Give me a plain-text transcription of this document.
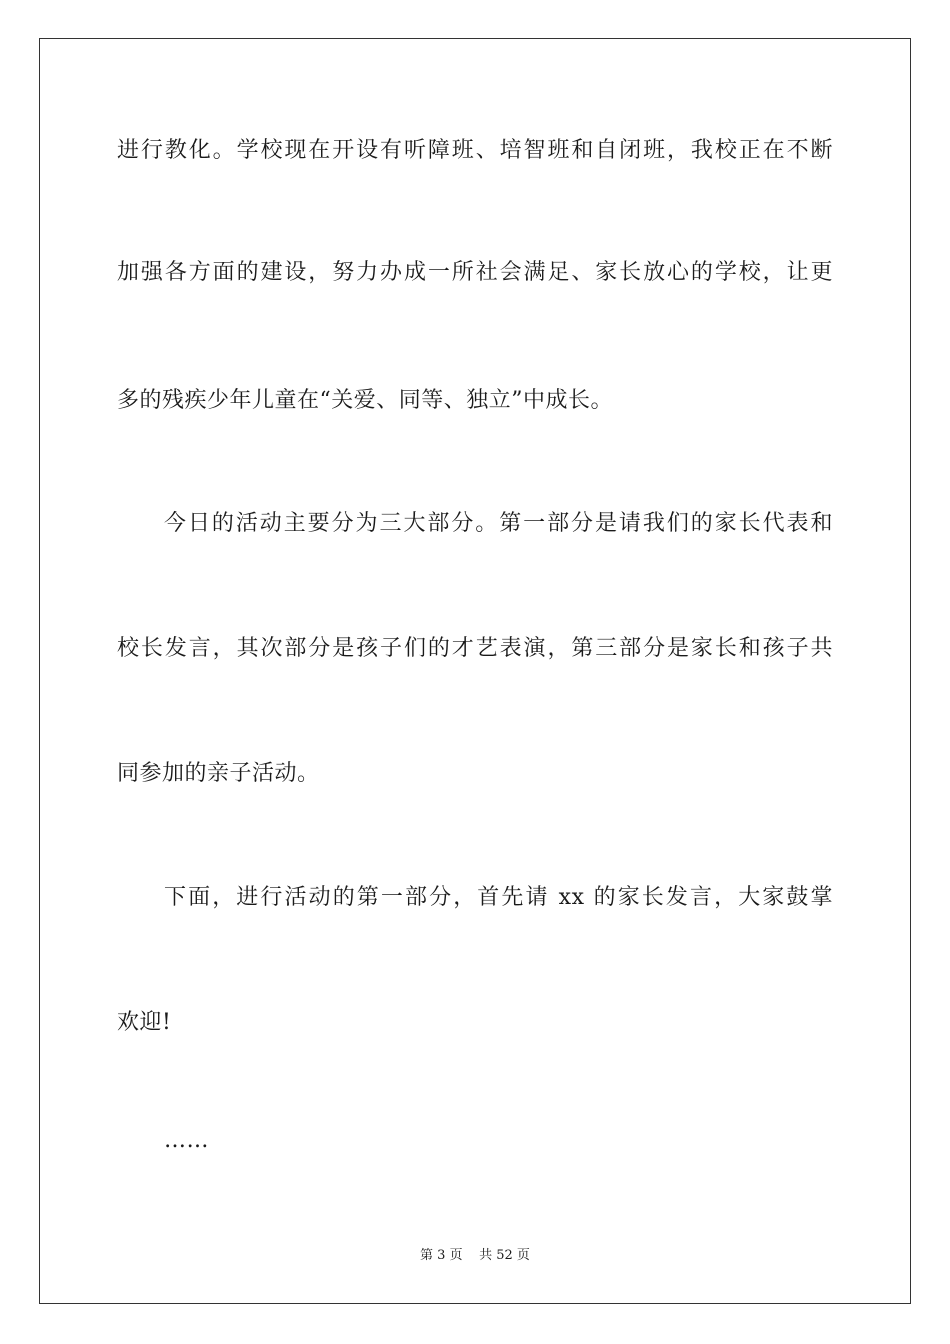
进行教化。学校现在开设有听障班、培智班和自闭班，我校正在不断
加强各方面的建设，努力办成一所社会满足、家长放心的学校，让更
多的残疾少年儿童在“关爱、同等、独立”中成长。
今日的活动主要分为三大部分。第一部分是请我们的家长代表和
校长发言，其次部分是孩子们的才艺表演，第三部分是家长和孩子共
同参加的亲子活动。
下面，进行活动的第一部分，首先请 xx 的家长发言，大家鼓掌
欢迎!
……
第 3 页 共 52 页
